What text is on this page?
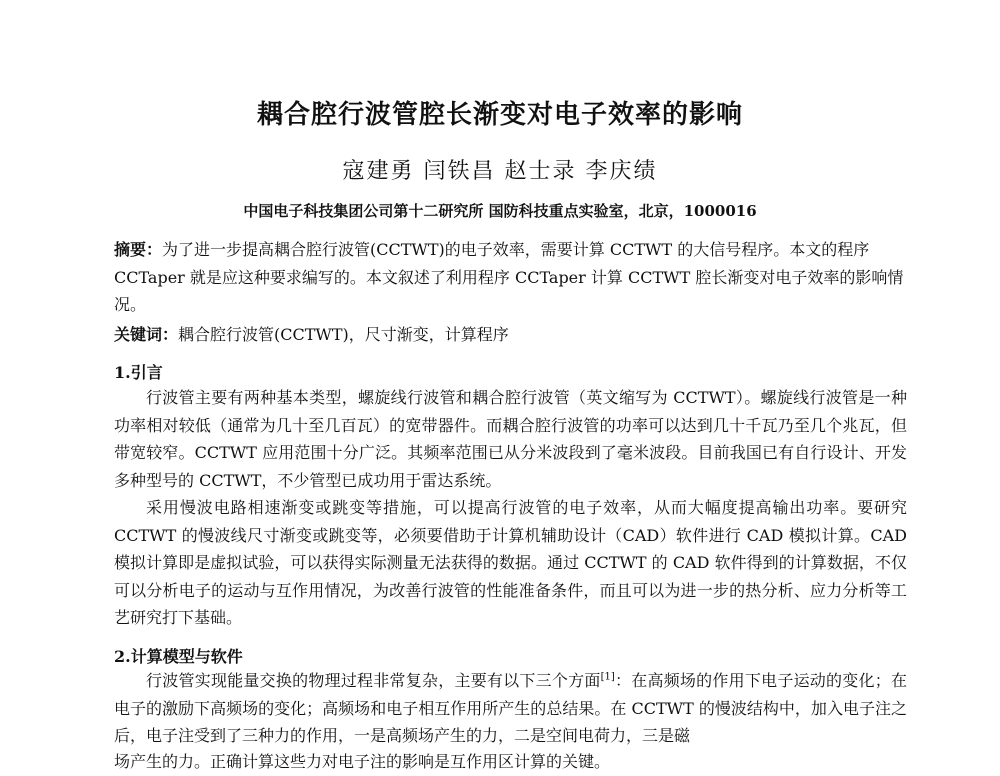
耦合腔行波管腔长渐变对电子效率的影响
寇建勇 闫铁昌 赵士录 李庆绩
中国电子科技集团公司第十二研究所 国防科技重点实验室，北京，1000016
摘要：为了进一步提高耦合腔行波管(CCTWT)的电子效率，需要计算 CCTWT 的大信号程序。本文的程序 CCTaper 就是应这种要求编写的。本文叙述了利用程序 CCTaper 计算 CCTWT 腔长渐变对电子效率的影响情况。
关键词：耦合腔行波管(CCTWT)，尺寸渐变，计算程序
1.引言
行波管主要有两种基本类型，螺旋线行波管和耦合腔行波管（英文缩写为 CCTWT）。螺旋线行波管是一种功率相对较低（通常为几十至几百瓦）的宽带器件。而耦合腔行波管的功率可以达到几十千瓦乃至几个兆瓦，但带宽较窄。CCTWT 应用范围十分广泛。其频率范围已从分米波段到了毫米波段。目前我国已有自行设计、开发多种型号的 CCTWT，不少管型已成功用于雷达系统。
采用慢波电路相速渐变或跳变等措施，可以提高行波管的电子效率，从而大幅度提高输出功率。要研究 CCTWT 的慢波线尺寸渐变或跳变等，必须要借助于计算机辅助设计（CAD）软件进行 CAD 模拟计算。CAD 模拟计算即是虚拟试验，可以获得实际测量无法获得的数据。通过 CCTWT 的 CAD 软件得到的计算数据，不仅可以分析电子的运动与互作用情况，为改善行波管的性能准备条件，而且可以为进一步的热分析、应力分析等工艺研究打下基础。
2.计算模型与软件
行波管实现能量交换的物理过程非常复杂，主要有以下三个方面[1]：在高频场的作用下电子运动的变化；在电子的激励下高频场的变化；高频场和电子相互作用所产生的总结果。在 CCTWT 的慢波结构中，加入电子注之后，电子注受到了三种力的作用，一是高频场产生的力，二是空间电荷力，三是磁
场产生的力。正确计算这些力对电子注的影响是互作用区计算的关键。
